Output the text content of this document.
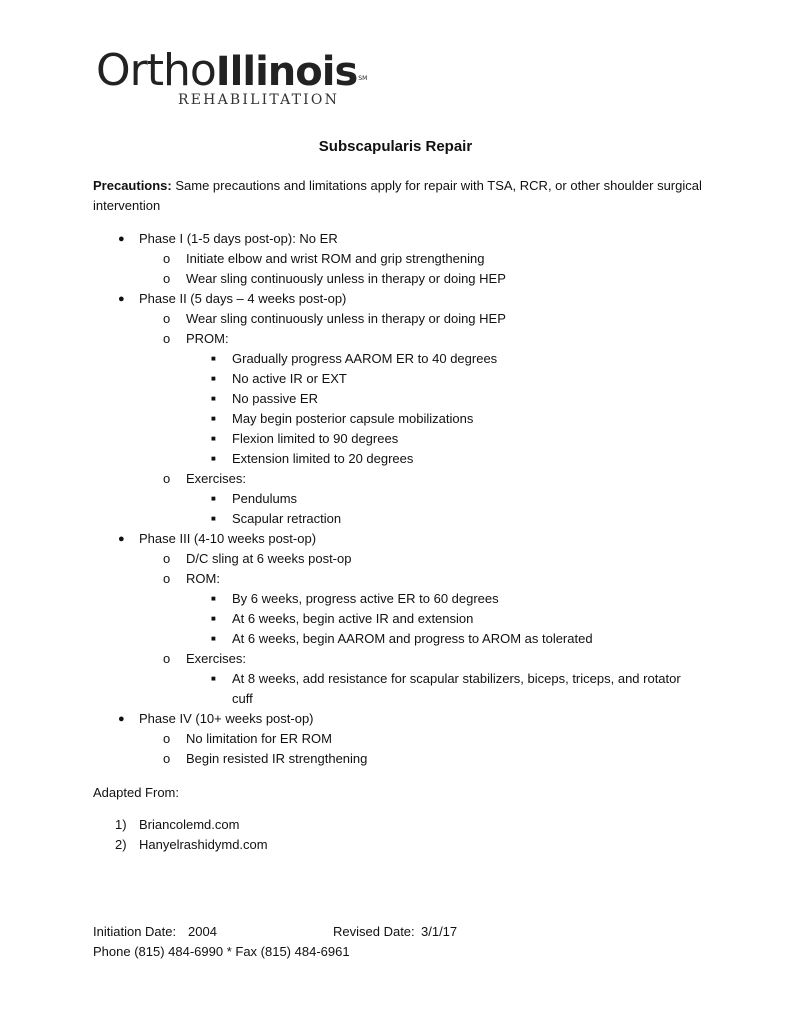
OrthoIllinois℠
REHABILITATION
Subscapularis Repair
Precautions: Same precautions and limitations apply for repair with TSA, RCR, or other shoulder surgical intervention
● Phase I (1-5 days post-op): No ER
o Initiate elbow and wrist ROM and grip strengthening
o Wear sling continuously unless in therapy or doing HEP
● Phase II (5 days – 4 weeks post-op)
o Wear sling continuously unless in therapy or doing HEP
o PROM:
■ Gradually progress AAROM ER to 40 degrees
■ No active IR or EXT
■ No passive ER
■ May begin posterior capsule mobilizations
■ Flexion limited to 90 degrees
■ Extension limited to 20 degrees
o Exercises:
■ Pendulums
■ Scapular retraction
● Phase III (4-10 weeks post-op)
o D/C sling at 6 weeks post-op
o ROM:
■ By 6 weeks, progress active ER to 60 degrees
■ At 6 weeks, begin active IR and extension
■ At 6 weeks, begin AAROM and progress to AROM as tolerated
o Exercises:
■ At 8 weeks, add resistance for scapular stabilizers, biceps, triceps, and rotator
cuff
● Phase IV (10+ weeks post-op)
o No limitation for ER ROM
o Begin resisted IR strengthening
Adapted From:
1) Briancolemd.com
2) Hanyelrashidymd.com
Initiation Date: 2004	Revised Date: 3/1/17
Phone (815) 484-6990 * Fax (815) 484-6961
